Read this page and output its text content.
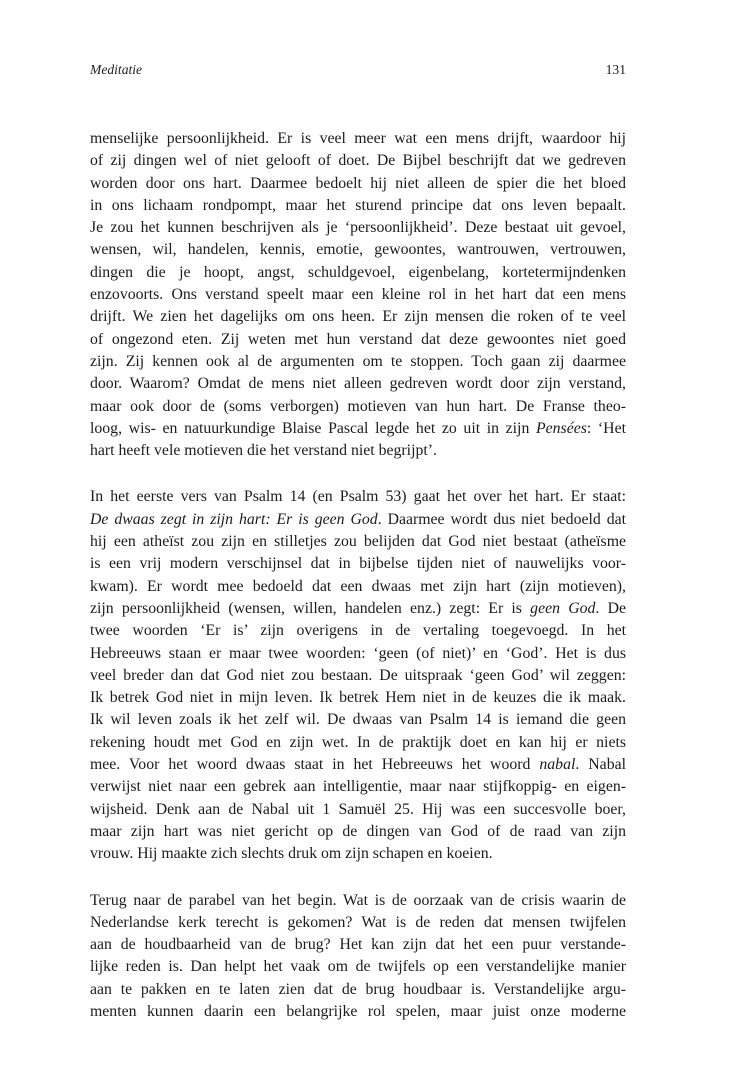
Meditatie	131

menselijke persoonlijkheid. Er is veel meer wat een mens drijft, waardoor hij
of zij dingen wel of niet gelooft of doet. De Bijbel beschrijft dat we gedreven
worden door ons hart. Daarmee bedoelt hij niet alleen de spier die het bloed
in ons lichaam rondpompt, maar het sturend principe dat ons leven bepaalt.
Je zou het kunnen beschrijven als je ‘persoonlijkheid’. Deze bestaat uit gevoel,
wensen, wil, handelen, kennis, emotie, gewoontes, wantrouwen, vertrouwen,
dingen die je hoopt, angst, schuldgevoel, eigenbelang, kortetermijndenken
enzovoorts. Ons verstand speelt maar een kleine rol in het hart dat een mens
drijft. We zien het dagelijks om ons heen. Er zijn mensen die roken of te veel
of ongezond eten. Zij weten met hun verstand dat deze gewoontes niet goed
zijn. Zij kennen ook al de argumenten om te stoppen. Toch gaan zij daarmee
door. Waarom? Omdat de mens niet alleen gedreven wordt door zijn verstand,
maar ook door de (soms verborgen) motieven van hun hart. De Franse theo-
loog, wis- en natuurkundige Blaise Pascal legde het zo uit in zijn Pensées: ‘Het
hart heeft vele motieven die het verstand niet begrijpt’.

In het eerste vers van Psalm 14 (en Psalm 53) gaat het over het hart. Er staat:
De dwaas zegt in zijn hart: Er is geen God. Daarmee wordt dus niet bedoeld dat
hij een atheïst zou zijn en stilletjes zou belijden dat God niet bestaat (atheïsme
is een vrij modern verschijnsel dat in bijbelse tijden niet of nauwelijks voor-
kwam). Er wordt mee bedoeld dat een dwaas met zijn hart (zijn motieven),
zijn persoonlijkheid (wensen, willen, handelen enz.) zegt: Er is geen God. De
twee woorden ‘Er is’ zijn overigens in de vertaling toegevoegd. In het
Hebreeuws staan er maar twee woorden: ‘geen (of niet)’ en ‘God’. Het is dus
veel breder dan dat God niet zou bestaan. De uitspraak ‘geen God’ wil zeggen:
Ik betrek God niet in mijn leven. Ik betrek Hem niet in de keuzes die ik maak.
Ik wil leven zoals ik het zelf wil. De dwaas van Psalm 14 is iemand die geen
rekening houdt met God en zijn wet. In de praktijk doet en kan hij er niets
mee. Voor het woord dwaas staat in het Hebreeuws het woord nabal. Nabal
verwijst niet naar een gebrek aan intelligentie, maar naar stijfkoppig- en eigen-
wijsheid. Denk aan de Nabal uit 1 Samuël 25. Hij was een succesvolle boer,
maar zijn hart was niet gericht op de dingen van God of de raad van zijn
vrouw. Hij maakte zich slechts druk om zijn schapen en koeien.

Terug naar de parabel van het begin. Wat is de oorzaak van de crisis waarin de
Nederlandse kerk terecht is gekomen? Wat is de reden dat mensen twijfelen
aan de houdbaarheid van de brug? Het kan zijn dat het een puur verstande-
lijke reden is. Dan helpt het vaak om de twijfels op een verstandelijke manier
aan te pakken en te laten zien dat de brug houdbaar is. Verstandelijke argu-
menten kunnen daarin een belangrijke rol spelen, maar juist onze moderne
